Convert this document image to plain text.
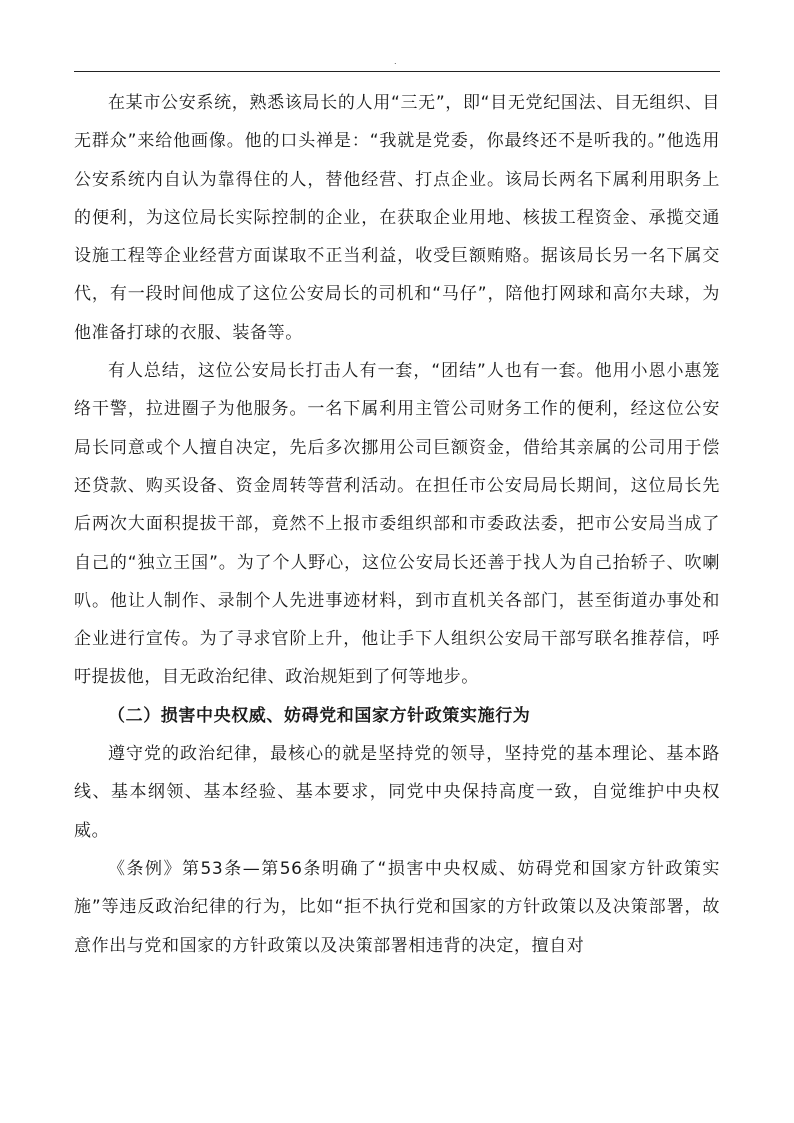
.

在某市公安系统，熟悉该局长的人用“三无”，即“目无党纪国法、目无组织、目无群众”来给他画像。他的口头禅是：“我就是党委，你最终还不是听我的。”他选用公安系统内自认为靠得住的人，替他经营、打点企业。该局长两名下属利用职务上的便利，为这位局长实际控制的企业，在获取企业用地、核拔工程资金、承揽交通设施工程等企业经营方面谋取不正当利益，收受巨额贿赂。据该局长另一名下属交代，有一段时间他成了这位公安局长的司机和“马仔”，陪他打网球和高尔夫球，为他准备打球的衣服、装备等。

有人总结，这位公安局长打击人有一套，“团结”人也有一套。他用小恩小惠笼络干警，拉进圈子为他服务。一名下属利用主管公司财务工作的便利，经这位公安局长同意或个人擅自决定，先后多次挪用公司巨额资金，借给其亲属的公司用于偿还贷款、购买设备、资金周转等营利活动。在担任市公安局局长期间，这位局长先后两次大面积提拔干部，竟然不上报市委组织部和市委政法委，把市公安局当成了自己的“独立王国”。为了个人野心，这位公安局长还善于找人为自己抬轿子、吹喇叭。他让人制作、录制个人先进事迹材料，到市直机关各部门，甚至街道办事处和企业进行宣传。为了寻求官阶上升，他让手下人组织公安局干部写联名推荐信，呼吁提拔他，目无政治纪律、政治规矩到了何等地步。

（二）损害中央权威、妨碍党和国家方针政策实施行为

遵守党的政治纪律，最核心的就是坚持党的领导，坚持党的基本理论、基本路线、基本纲领、基本经验、基本要求，同党中央保持高度一致，自觉维护中央权威。

《条例》第53条—第56条明确了“损害中央权威、妨碍党和国家方针政策实施”等违反政治纪律的行为，比如“拒不执行党和国家的方针政策以及决策部署，故意作出与党和国家的方针政策以及决策部署相违背的决定，擅自对
